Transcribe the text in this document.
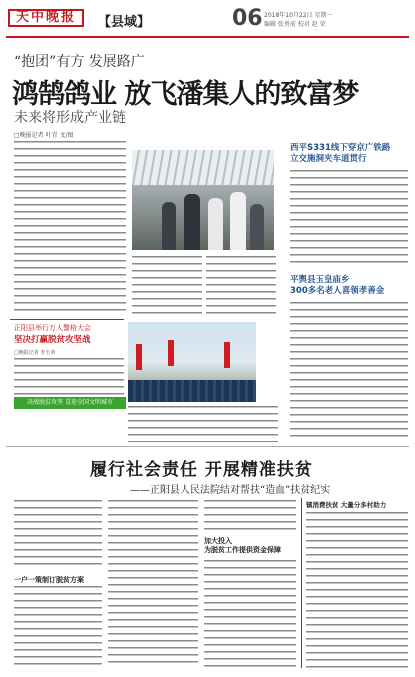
天中晚报	【县域】	06 2018年10月22日 星期一
编辑 张勇前 校对 赵 荣
“抱团”有方 发展路广
鸿鹄鸽业 放飞潘集人的致富梦
未来将形成产业链
□晚报记者 叶青 文/图
西平S331线下穿京广铁路
立交施洞夹车道贯行
平舆县玉皇庙乡
300多名老人喜领孝善金
正阳县举行万人警格大会
坚决打赢脱贫攻坚战
□晚报记者 李玉章
决战脱贫攻坚 喜迎全国文明城市
履行社会责任 开展精准扶贫
——正阳县人民法院结对帮扶“造血”扶贫纪实
一户一策制订脱贫方案
加大投入
为脱贫工作提供资金保障
镇消费扶贫 大量分多村助力
